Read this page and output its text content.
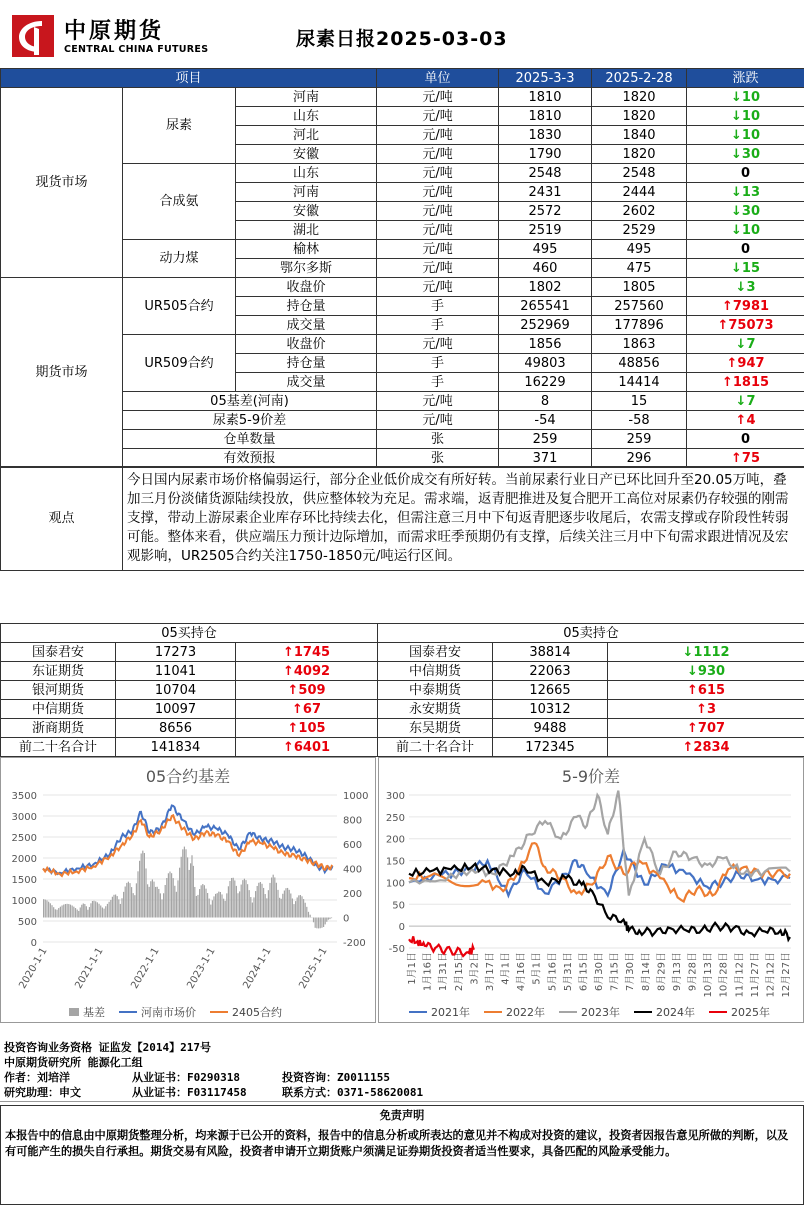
中原期货
CENTRAL CHINA FUTURES	尿素日报2025-03-03
项目			单位	2025-3-3	2025-2-28	涨跌
现货市场	尿素	河南	元/吨	1810	1820	↓10
		山东	元/吨	1810	1820	↓10
		河北	元/吨	1830	1840	↓10
		安徽	元/吨	1790	1820	↓30
	合成氨	山东	元/吨	2548	2548	0
		河南	元/吨	2431	2444	↓13
		安徽	元/吨	2572	2602	↓30
		湖北	元/吨	2519	2529	↓10
	动力煤	榆林	元/吨	495	495	0
		鄂尔多斯	元/吨	460	475	↓15
期货市场	UR505合约	收盘价	元/吨	1802	1805	↓3
		持仓量	手	265541	257560	↑7981
		成交量	手	252969	177896	↑75073
	UR509合约	收盘价	元/吨	1856	1863	↓7
		持仓量	手	49803	48856	↑947
		成交量	手	16229	14414	↑1815
	05基差(河南)		元/吨	8	15	↓7
	尿素5-9价差		元/吨	-54	-58	↑4
	仓单数量		张	259	259	0
	有效预报		张	371	296	↑75
观点	今日国内尿素市场价格偏弱运行，部分企业低价成交有所好转。当前尿素行业日产已环比回升至20.05万吨，叠加三月份淡储货源陆续投放，供应整体较为充足。需求端，返青肥推进及复合肥开工高位对尿素仍存较强的刚需支撑，带动上游尿素企业库存环比持续去化，但需注意三月中下旬返青肥逐步收尾后，农需支撑或存阶段性转弱可能。整体来看，供应端压力预计边际增加，而需求旺季预期仍有支撑，后续关注三月中下旬需求跟进情况及宏观影响，UR2505合约关注1750-1850元/吨运行区间。
05买持仓			05卖持仓		
国泰君安	17273	↑1745	国泰君安	38814	↓1112
东证期货	11041	↑4092	中信期货	22063	↓930
银河期货	10704	↑509	中泰期货	12665	↑615
中信期货	10097	↑67	永安期货	10312	↑3
浙商期货	8656	↑105	东吴期货	9488	↑707
前二十名合计	141834	↑6401	前二十名合计	172345	↑2834
05合约基差
0
500
1000
1500
2000
2500
3000
3500
-200
0
200
400
600
800
1000
2020-1-1 2021-1-1 2022-1-1 2023-1-1 2024-1-1 2025-1-1
基差	河南市场价	2405合约
5-9价差
-50
0
50
100
150
200
250
300
1月1日 1月16日 1月31日 2月15日 3月2日 3月17日 4月1日 4月16日 5月1日 5月16日 5月31日 6月15日 6月30日 7月15日 7月30日 8月14日 8月29日 9月13日 9月28日 10月13日 10月28日 11月12日 11月27日 12月12日 12月27日
2021年	2022年	2023年	2024年	2025年
投资咨询业务资格 证监发【2014】217号
中原期货研究所 能源化工组
作者：刘培洋	从业证书：F0290318	投资咨询：Z0011155
研究助理：申文	从业证书：F03117458	联系方式：0371-58620081
免责声明
本报告中的信息由中原期货整理分析，均来源于已公开的资料，报告中的信息分析或所表达的意见并不构成对投资的建议，投资者因报告意见所做的判断，以及有可能产生的损失自行承担。期货交易有风险，投资者申请开立期货账户须满足证券期货投资者适当性要求，具备匹配的风险承受能力。
